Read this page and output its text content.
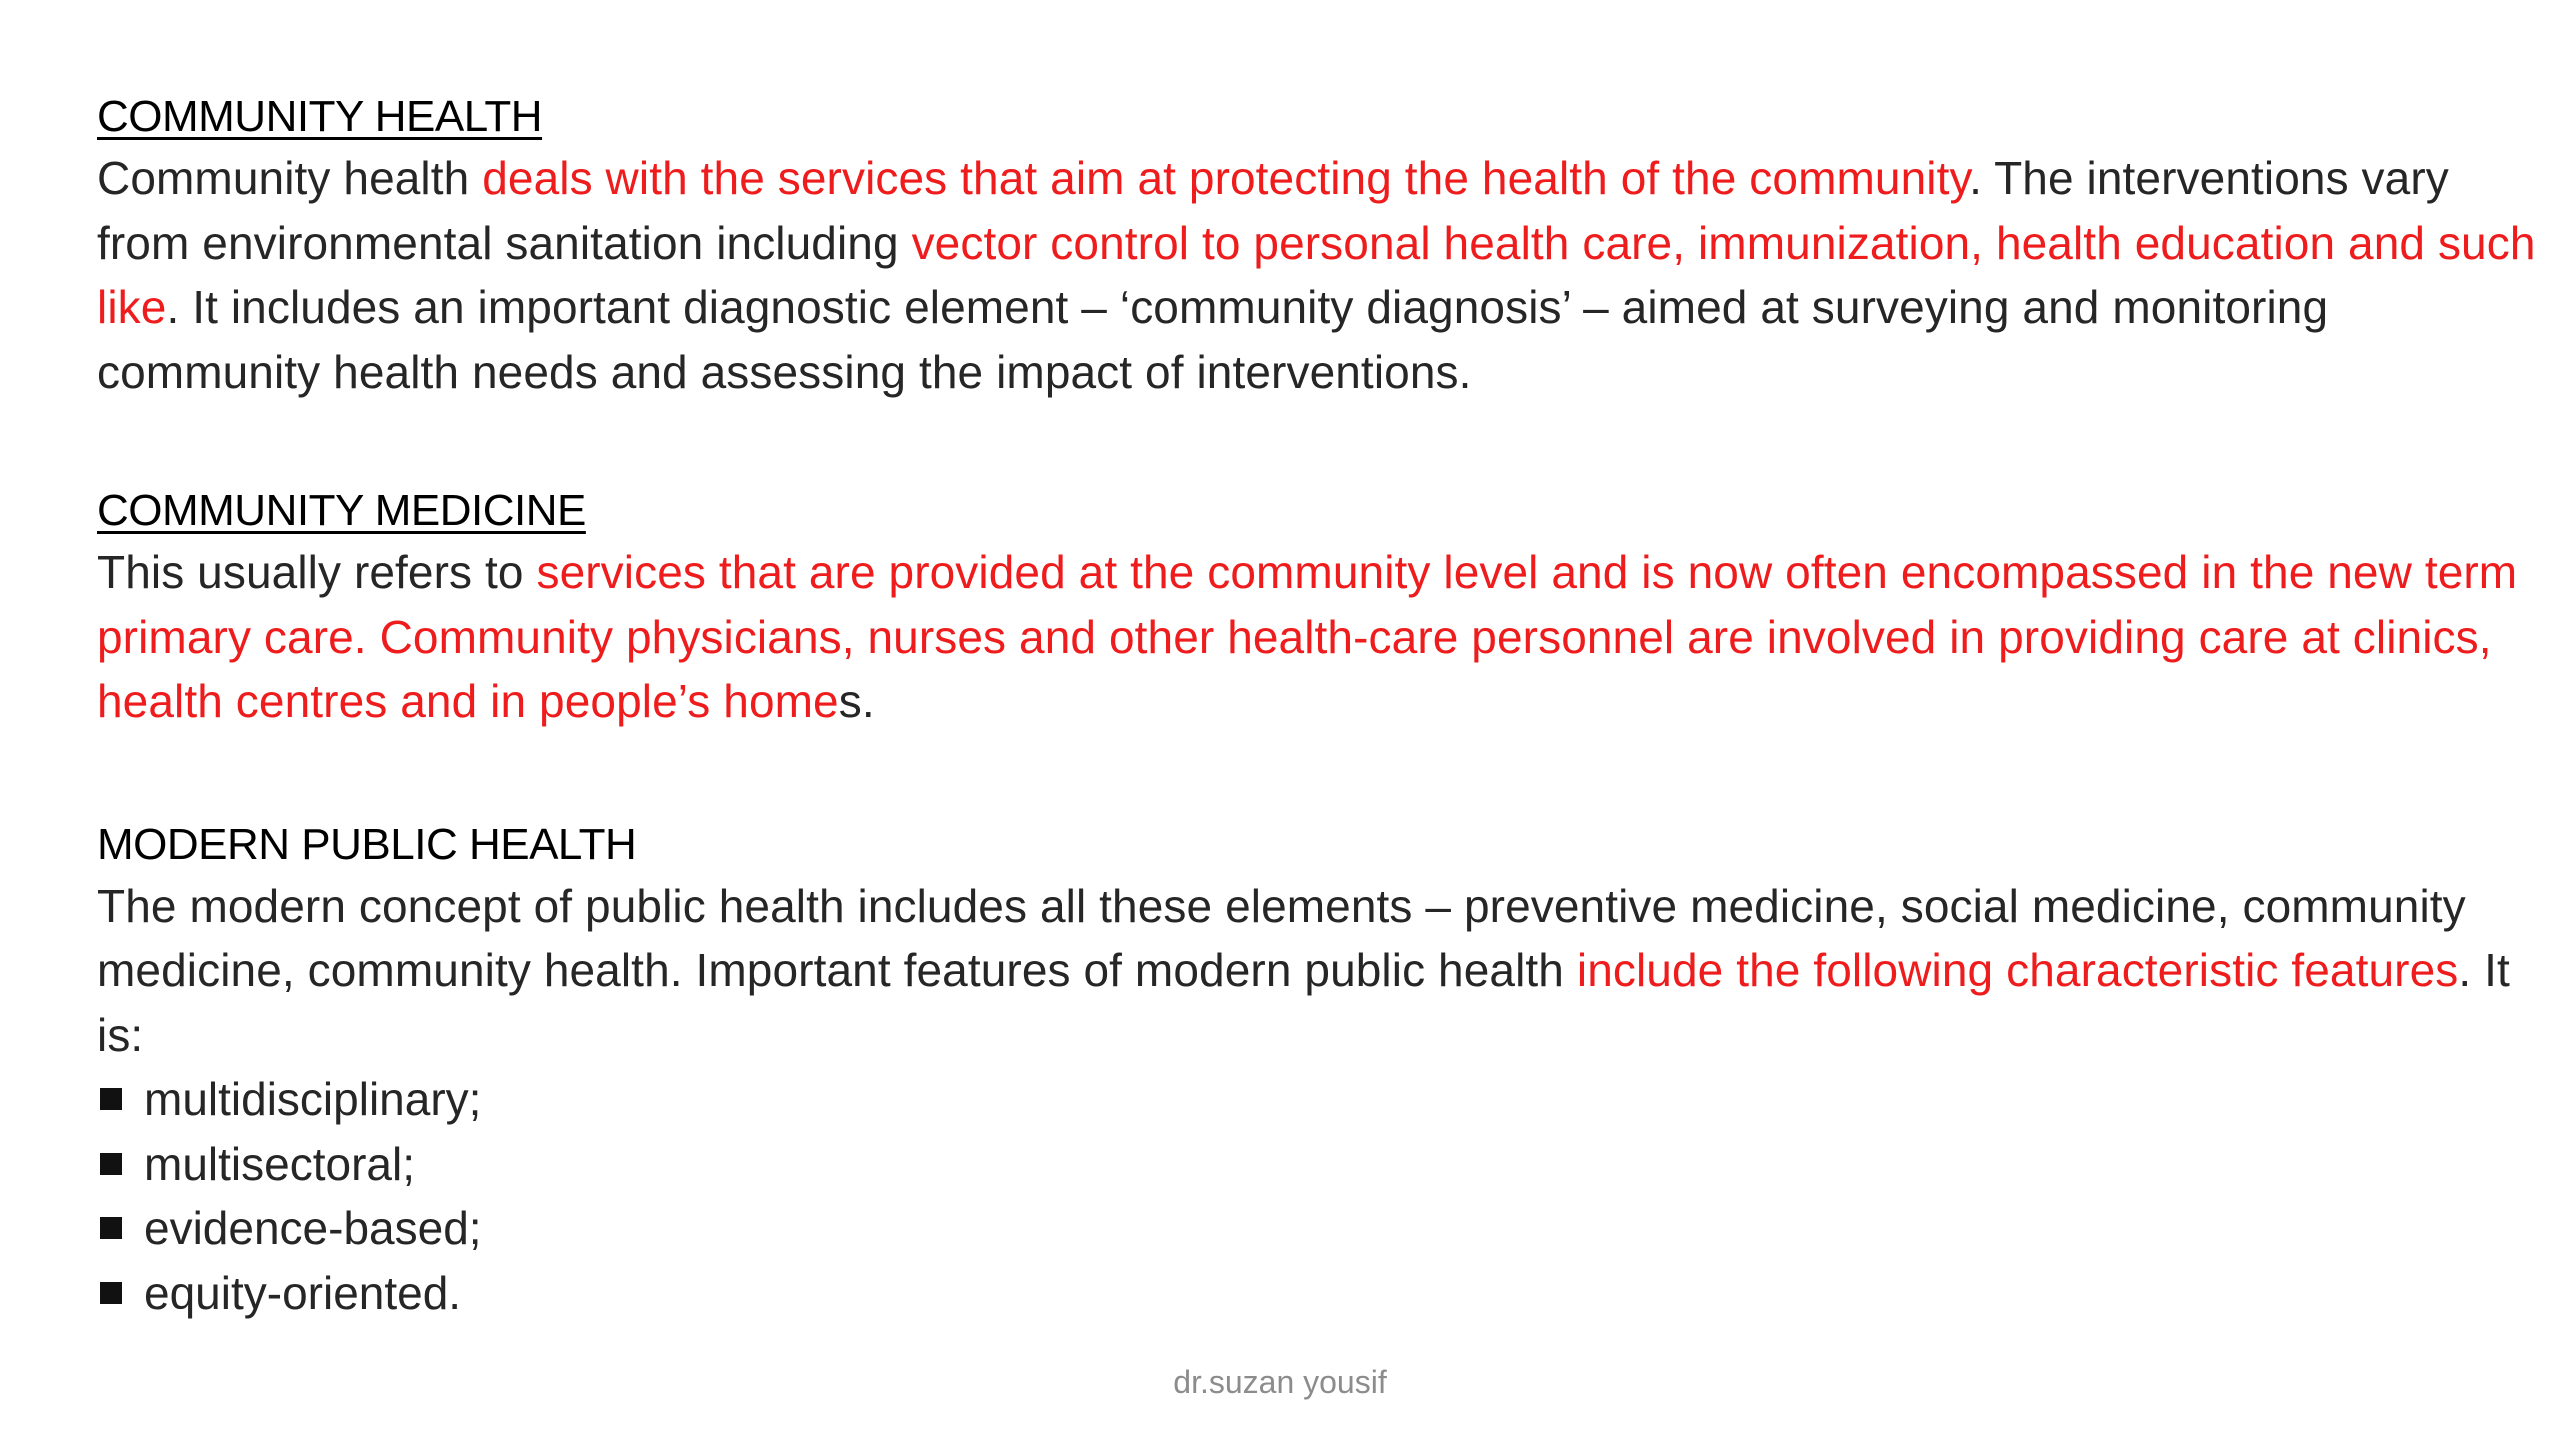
COMMUNITY HEALTH

Community health deals with the services that aim at protecting the health of the community. The interventions vary from environmental sanitation including vector control to personal health care, immunization, health education and such like. It includes an important diagnostic element – ‘community diagnosis’ – aimed at surveying and monitoring community health needs and assessing the impact of interventions.

COMMUNITY MEDICINE

This usually refers to services that are provided at the community level and is now often encompassed in the new term primary care. Community physicians, nurses and other health-care personnel are involved in providing care at clinics, health centres and in people’s homes.

MODERN PUBLIC HEALTH

The modern concept of public health includes all these elements – preventive medicine, social medicine, community medicine, community health. Important features of modern public health include the following characteristic features. It is:

multidisciplinary;
multisectoral;
evidence-based;
equity-oriented.
dr.suzan yousif
